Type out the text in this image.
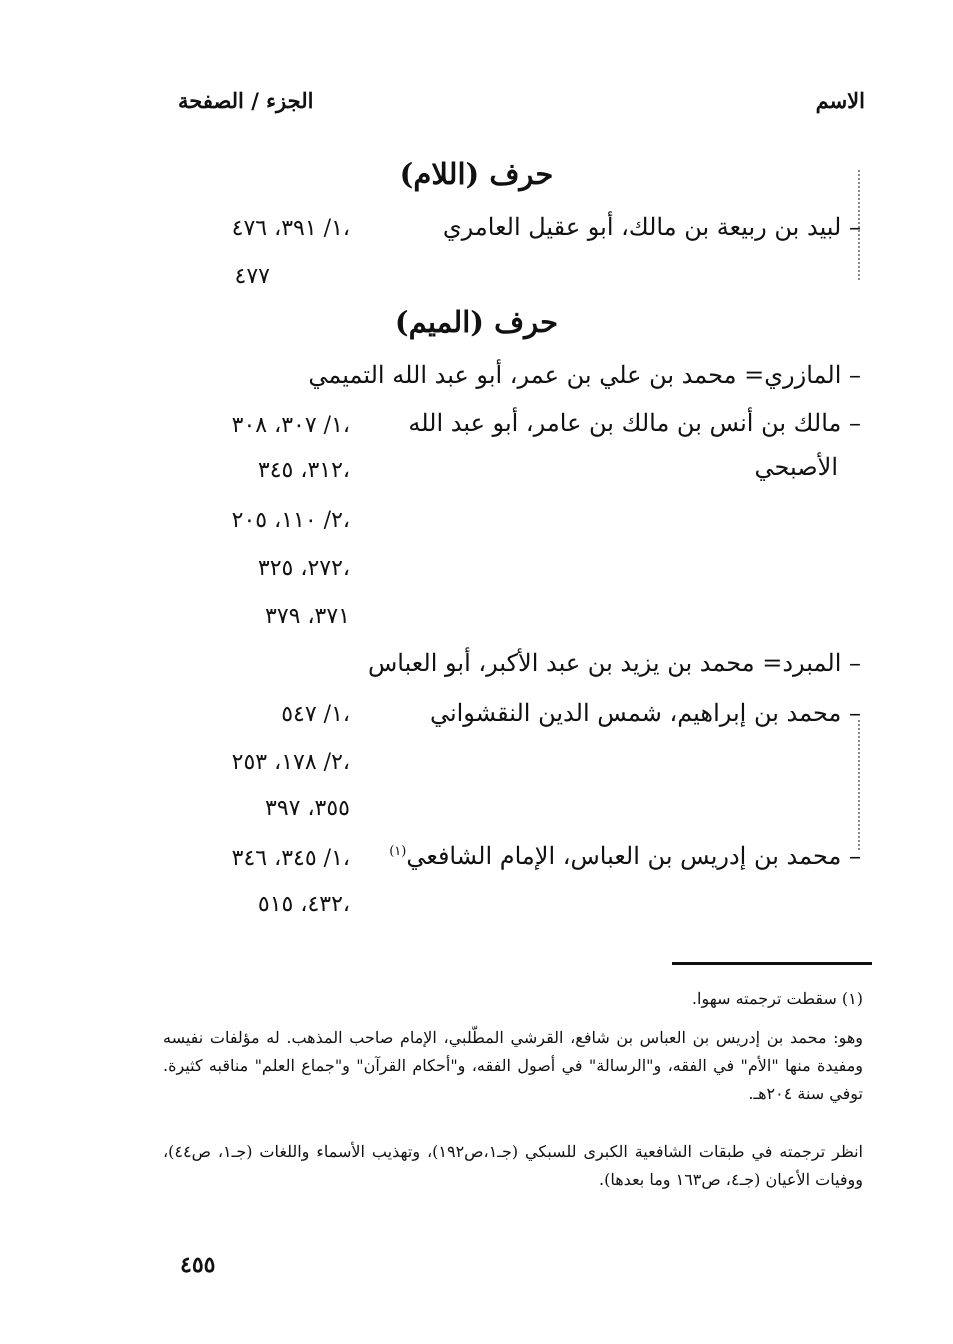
الاسم
الجزء / الصفحة
حرف (اللام)
– لبيد بن ربيعة بن مالك، أبو عقيل العامري
١/ ٣٩١، ٤٧٦،
٤٧٧
حرف (الميم)
– المازري= محمد بن علي بن عمر، أبو عبد الله التميمي
– مالك بن أنس بن مالك بن عامر، أبو عبد الله
الأصبحي
١/ ٣٠٧، ٣٠٨،
٣١٢، ٣٤٥،
٢/ ١١٠، ٢٠٥،
٢٧٢، ٣٢٥،
٣٧١، ٣٧٩
– المبرد= محمد بن يزيد بن عبد الأكبر، أبو العباس
– محمد بن إبراهيم، شمس الدين النقشواني
١/ ٥٤٧،
٢/ ١٧٨، ٢٥٣،
٣٥٥، ٣٩٧
– محمد بن إدريس بن العباس، الإمام الشافعي$^{(١)}$
١/ ٣٤٥، ٣٤٦،
٤٣٢، ٥١٥،
(١) سقطت ترجمته سهوا.
وهو: محمد بن إدريس بن العباس بن شافع، القرشي المطّلبي، الإمام صاحب المذهب. له مؤلفات نفيسه ومفيدة منها "الأم" في الفقه، و"الرسالة" في أصول الفقه، و"أحكام القرآن" و"جماع العلم" مناقبه كثيرة. توفي سنة ٢٠٤هـ.
انظر ترجمته في طبقات الشافعية الكبرى للسبكي (جـ١،ص١٩٢)، وتهذيب الأسماء واللغات (جـ١، ص٤٤)، ووفيات الأعيان (جـ٤، ص١٦٣ وما بعدها).
٤٥٥
